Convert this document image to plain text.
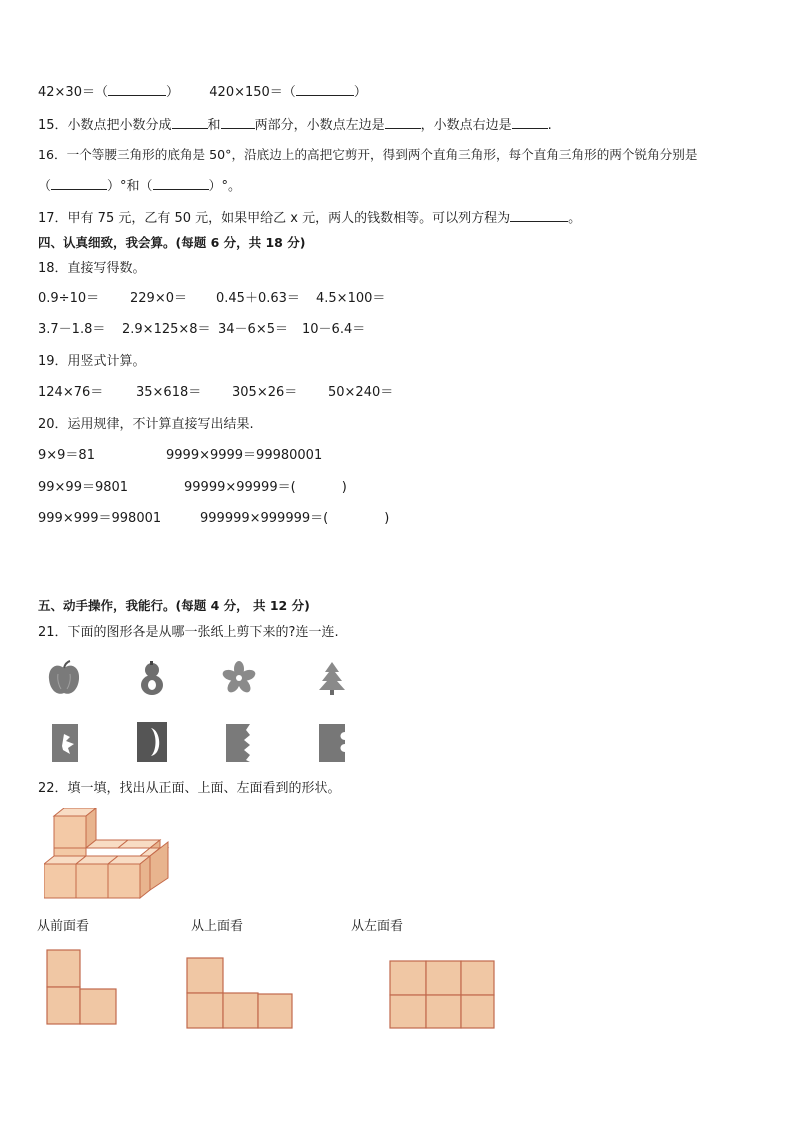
42×30＝（	） 420×150＝（	）
15．小数点把小数分成	和	两部分，小数点左边是	，小数点右边是	.
16．一个等腰三角形的底角是 50°，沿底边上的高把它剪开，得到两个直角三角形，每个直角三角形的两个锐角分别是
（	）°和（	）°。
17．甲有 75 元，乙有 50 元，如果甲给乙 x 元，两人的钱数相等。可以列方程为	。
四、认真细致，我会算。(每题 6 分，共 18 分)
18．直接写得数。
0.9÷10＝ 229×0＝ 0.45＋0.63＝ 4.5×100＝
3.7－1.8＝ 2.9×125×8＝ 34－6×5＝ 10－6.4＝
19．用竖式计算。
124×76＝	35×618＝ 305×26＝ 50×240＝
20．运用规律，不计算直接写出结果.
9×9＝81	9999×9999＝99980001
99×99＝9801	99999×99999＝(	)
999×999＝998001	999999×999999＝(	)
五、动手操作，我能行。(每题 4 分， 共 12 分)
21．下面的图形各是从哪一张纸上剪下来的?连一连.
22．填一填，找出从正面、上面、左面看到的形状。
从前面看	从上面看	从左面看
